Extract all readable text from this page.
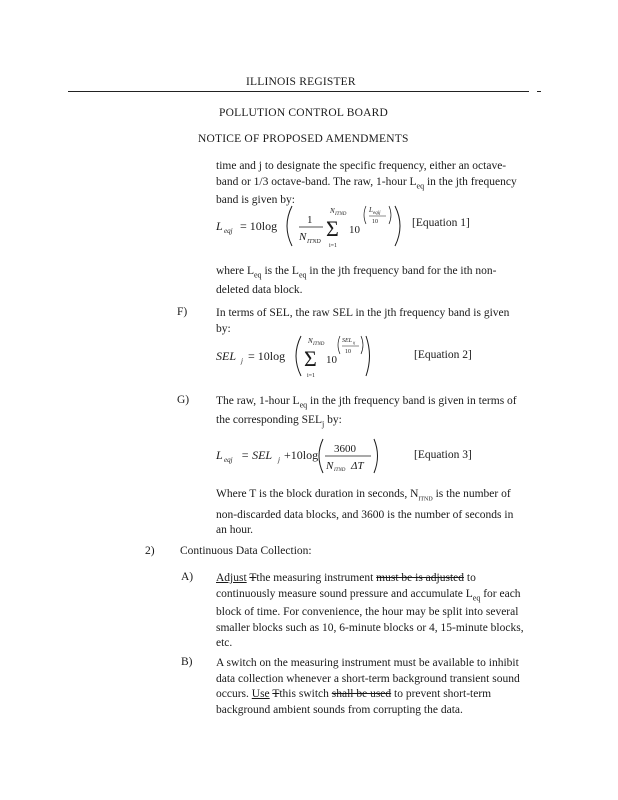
ILLINOIS REGISTER
POLLUTION CONTROL BOARD
NOTICE OF PROPOSED AMENDMENTS
time and j to designate the specific frequency, either an octave-
band or 1/3 octave-band. The raw, 1-hour $L_{eq}$ in the jth frequency
band is given by:
L eqj = 10log	1
N ITND
N ITND
Σ
i=1
10
L eqij
10	[Equation 1]
where $L_{eq}$ is the $L_{eq}$ in the jth frequency band for the ith non-
deleted data block.
F)	In terms of SEL, the raw SEL in the jth frequency band is given
by:
SEL j = 10log
N ITND
Σ
i=1
10
SEL ij
10	[Equation 2]
G) The raw, 1-hour $L_{eq}$ in the jth frequency band is given in terms of
the corresponding $SEL_j$ by:
L eqj = SEL j +10log 3600
N ITND ΔT
[Equation 3]
Where T is the block duration in seconds, $N_{ITND}$ is the number of
non-discarded data blocks, and 3600 is the number of seconds in
an hour.
2) Continuous Data Collection:
A) Adjust Tthe measuring instrument must be is adjusted to
continuously measure sound pressure and accumulate $L_{eq}$ for each
block of time. For convenience, the hour may be split into several
smaller blocks such as 10, 6-minute blocks or 4, 15-minute blocks,
etc.
B) A switch on the measuring instrument must be available to inhibit
data collection whenever a short-term background transient sound
occurs. Use Tthis switch shall be used to prevent short-term
background ambient sounds from corrupting the data.
